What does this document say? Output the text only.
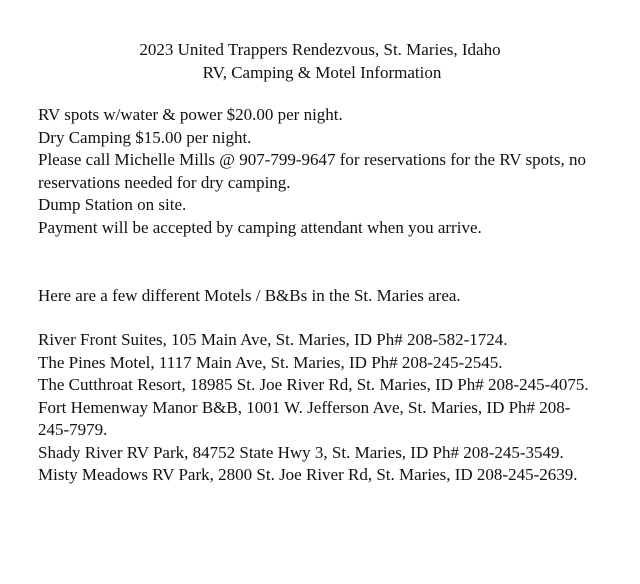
2023 United Trappers Rendezvous, St. Maries, Idaho
RV, Camping & Motel Information

RV spots w/water & power $20.00 per night.

Dry Camping $15.00 per night.

Please call Michelle Mills @ 907-799-9647 for reservations for the RV spots, no reservations needed for dry camping.

Dump Station on site.

Payment will be accepted by camping attendant when you arrive.

Here are a few different Motels / B&Bs in the St. Maries area.

River Front Suites, 105 Main Ave, St. Maries, ID Ph# 208-582-1724.

The Pines Motel, 1117 Main Ave, St. Maries, ID Ph# 208-245-2545.

The Cutthroat Resort, 18985 St. Joe River Rd, St. Maries, ID Ph# 208-245-4075.

Fort Hemenway Manor B&B, 1001 W. Jefferson Ave, St. Maries, ID Ph# 208-245-7979.

Shady River RV Park, 84752 State Hwy 3, St. Maries, ID Ph# 208-245-3549.

Misty Meadows RV Park, 2800 St. Joe River Rd, St. Maries, ID 208-245-2639.
